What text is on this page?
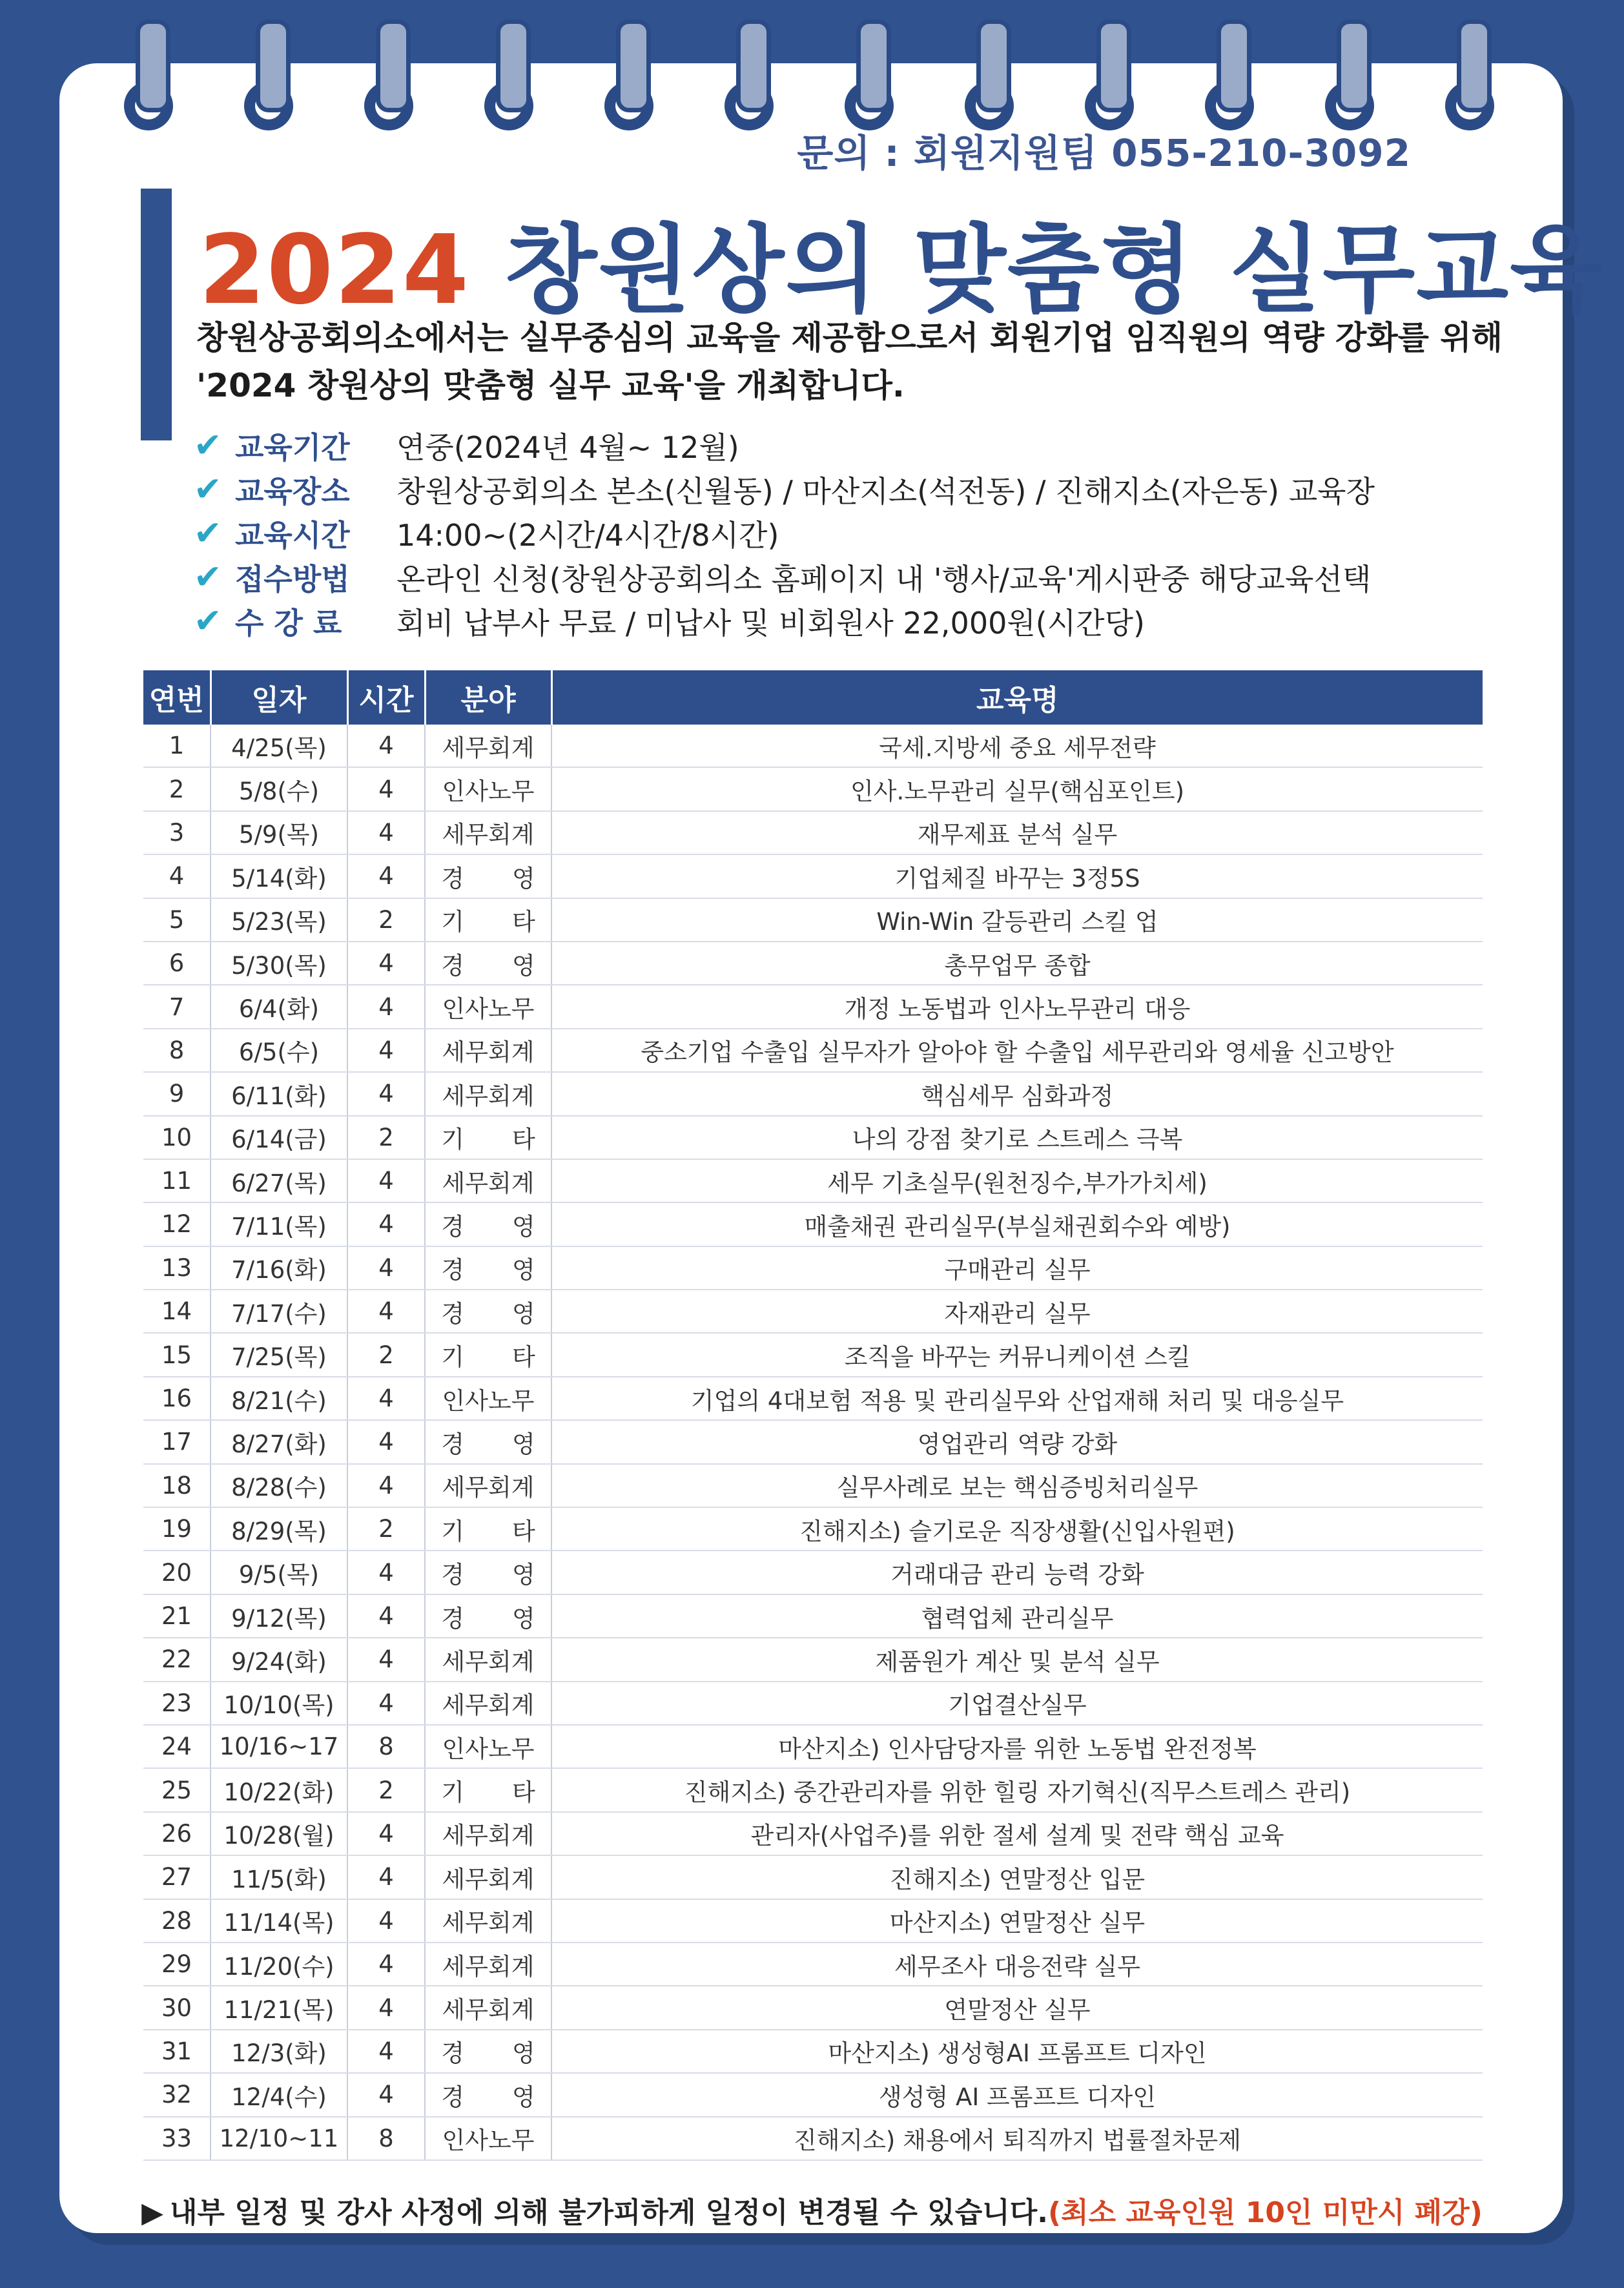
문의 : 회원지원팀 055-210-3092
2024 창원상의 맞춤형 실무교육
창원상공회의소에서는 실무중심의 교육을 제공함으로서 회원기업 임직원의 역량 강화를 위해
'2024 창원상의 맞춤형 실무 교육'을 개최합니다.
✔ 교육기간	연중(2024년 4월~ 12월)
✔ 교육장소	창원상공회의소 본소(신월동) / 마산지소(석전동) / 진해지소(자은동) 교육장
✔ 교육시간	14:00~(2시간/4시간/8시간)
✔ 접수방법	온라인 신청(창원상공회의소 홈페이지 내 '행사/교육'게시판중 해당교육선택
✔ 수 강 료	회비 납부사 무료 / 미납사 및 비회원사 22,000원(시간당)
연번	일자	시간	분야	교육명
1	4/25(목)	4	세무회계	국세.지방세 중요 세무전략
2	5/8(수)	4	인사노무	인사.노무관리 실무(핵심포인트)
3	5/9(목)	4	세무회계	재무제표 분석 실무
4	5/14(화)	4	경　　영	기업체질 바꾸는 3정5S
5	5/23(목)	2	기　　타	Win-Win 갈등관리 스킬 업
6	5/30(목)	4	경　　영	총무업무 종합
7	6/4(화)	4	인사노무	개정 노동법과 인사노무관리 대응
8	6/5(수)	4	세무회계	중소기업 수출입 실무자가 알아야 할 수출입 세무관리와 영세율 신고방안
9	6/11(화)	4	세무회계	핵심세무 심화과정
10	6/14(금)	2	기　　타	나의 강점 찾기로 스트레스 극복
11	6/27(목)	4	세무회계	세무 기초실무(원천징수,부가가치세)
12	7/11(목)	4	경　　영	매출채권 관리실무(부실채권회수와 예방)
13	7/16(화)	4	경　　영	구매관리 실무
14	7/17(수)	4	경　　영	자재관리 실무
15	7/25(목)	2	기　　타	조직을 바꾸는 커뮤니케이션 스킬
16	8/21(수)	4	인사노무	기업의 4대보험 적용 및 관리실무와 산업재해 처리 및 대응실무
17	8/27(화)	4	경　　영	영업관리 역량 강화
18	8/28(수)	4	세무회계	실무사례로 보는 핵심증빙처리실무
19	8/29(목)	2	기　　타	진해지소) 슬기로운 직장생활(신입사원편)
20	9/5(목)	4	경　　영	거래대금 관리 능력 강화
21	9/12(목)	4	경　　영	협력업체 관리실무
22	9/24(화)	4	세무회계	제품원가 계산 및 분석 실무
23	10/10(목)	4	세무회계	기업결산실무
24	10/16~17	8	인사노무	마산지소) 인사담당자를 위한 노동법 완전정복
25	10/22(화)	2	기　　타	진해지소) 중간관리자를 위한 힐링 자기혁신(직무스트레스 관리)
26	10/28(월)	4	세무회계	관리자(사업주)를 위한 절세 설계 및 전략 핵심 교육
27	11/5(화)	4	세무회계	진해지소) 연말정산 입문
28	11/14(목)	4	세무회계	마산지소) 연말정산 실무
29	11/20(수)	4	세무회계	세무조사 대응전략 실무
30	11/21(목)	4	세무회계	연말정산 실무
31	12/3(화)	4	경　　영	마산지소) 생성형AI 프롬프트 디자인
32	12/4(수)	4	경　　영	생성형 AI 프롬프트 디자인
33	12/10~11	8	인사노무	진해지소) 채용에서 퇴직까지 법률절차문제
▶ 내부 일정 및 강사 사정에 의해 불가피하게 일정이 변경될 수 있습니다.(최소 교육인원 10인 미만시 폐강)
